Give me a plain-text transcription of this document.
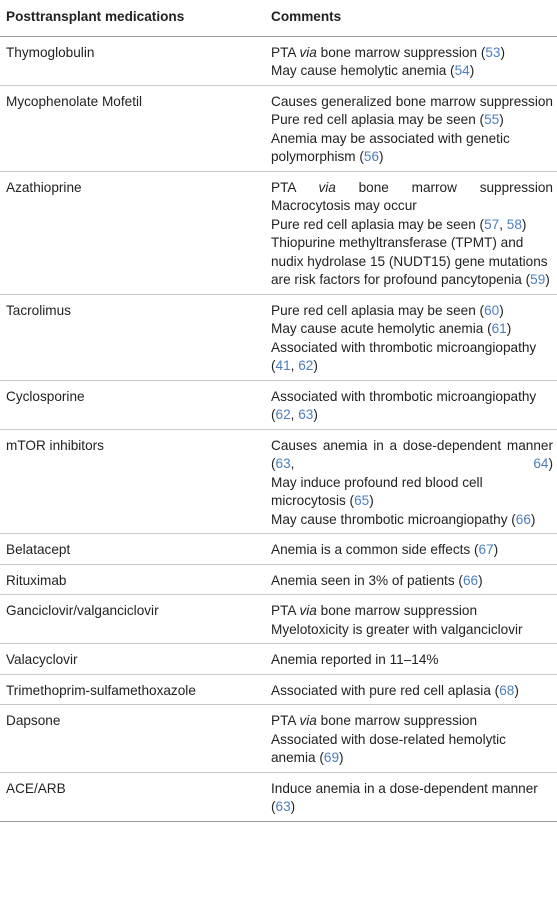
Posttransplant medications	Comments
Thymoglobulin	PTA via bone marrow suppression (53)
May cause hemolytic anemia (54)

Mycophenolate Mofetil	Causes generalized bone marrow suppression
Pure red cell aplasia may be seen (55)
Anemia may be associated with genetic polymorphism (56)

Azathioprine	PTA via bone marrow suppression
Macrocytosis may occur
Pure red cell aplasia may be seen (57, 58)
Thiopurine methyltransferase (TPMT) and nudix hydrolase 15 (NUDT15) gene mutations are risk factors for profound pancytopenia (59)

Tacrolimus	Pure red cell aplasia may be seen (60)
May cause acute hemolytic anemia (61)
Associated with thrombotic microangiopathy (41, 62)

Cyclosporine	Associated with thrombotic microangiopathy (62, 63)

mTOR inhibitors	Causes anemia in a dose-dependent manner (63, 64)
May induce profound red blood cell microcytosis (65)
May cause thrombotic microangiopathy (66)

Belatacept	Anemia is a common side effects (67)

Rituximab	Anemia seen in 3% of patients (66)

Ganciclovir/valganciclovir	PTA via bone marrow suppression
Myelotoxicity is greater with valganciclovir

Valacyclovir	Anemia reported in 11–14%

Trimethoprim-sulfamethoxazole	Associated with pure red cell aplasia (68)

Dapsone	PTA via bone marrow suppression
Associated with dose-related hemolytic anemia (69)

ACE/ARB	Induce anemia in a dose-dependent manner (63)
